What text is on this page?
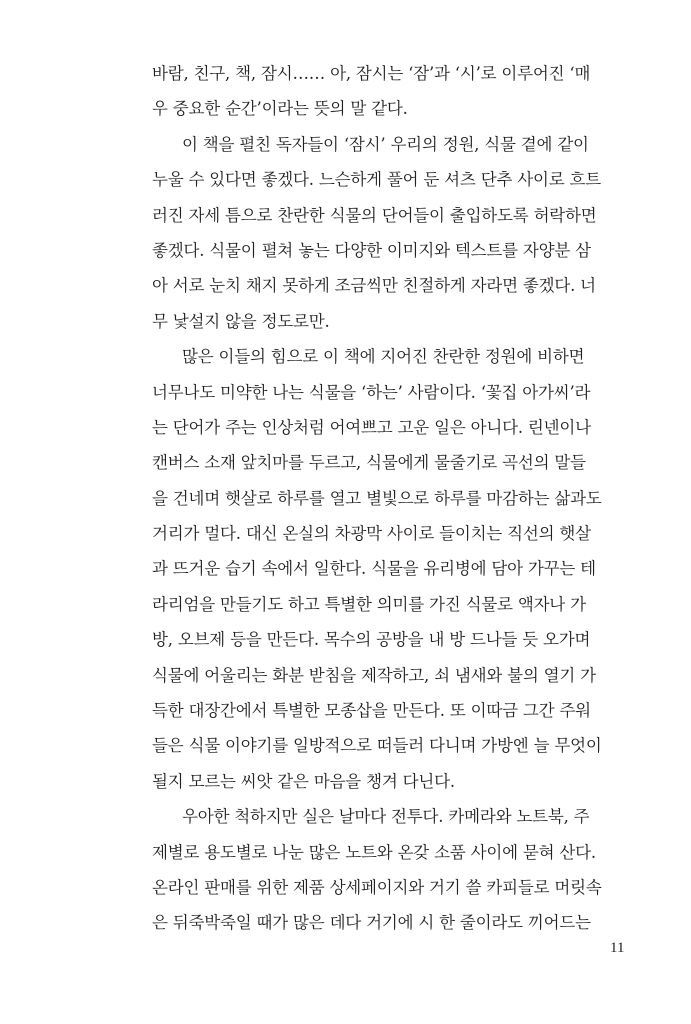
바람, 친구, 책, 잠시…… 아, 잠시는 ‘잠’과 ‘시’로 이루어진 ‘매
우 중요한 순간’이라는 뜻의 말 같다.
이 책을 펼친 독자들이 ‘잠시’ 우리의 정원, 식물 곁에 같이
누울 수 있다면 좋겠다. 느슨하게 풀어 둔 셔츠 단추 사이로 흐트
러진 자세 틈으로 찬란한 식물의 단어들이 출입하도록 허락하면
좋겠다. 식물이 펼쳐 놓는 다양한 이미지와 텍스트를 자양분 삼
아 서로 눈치 채지 못하게 조금씩만 친절하게 자라면 좋겠다. 너
무 낯설지 않을 정도로만.
많은 이들의 힘으로 이 책에 지어진 찬란한 정원에 비하면
너무나도 미약한 나는 식물을 ‘하는’ 사람이다. ‘꽃집 아가씨’라
는 단어가 주는 인상처럼 어여쁘고 고운 일은 아니다. 린넨이나
캔버스 소재 앞치마를 두르고, 식물에게 물줄기로 곡선의 말들
을 건네며 햇살로 하루를 열고 별빛으로 하루를 마감하는 삶과도
거리가 멀다. 대신 온실의 차광막 사이로 들이치는 직선의 햇살
과 뜨거운 습기 속에서 일한다. 식물을 유리병에 담아 가꾸는 테
라리엄을 만들기도 하고 특별한 의미를 가진 식물로 액자나 가
방, 오브제 등을 만든다. 목수의 공방을 내 방 드나들 듯 오가며
식물에 어울리는 화분 받침을 제작하고, 쇠 냄새와 불의 열기 가
득한 대장간에서 특별한 모종삽을 만든다. 또 이따금 그간 주워
들은 식물 이야기를 일방적으로 떠들러 다니며 가방엔 늘 무엇이
될지 모르는 씨앗 같은 마음을 챙겨 다닌다.
우아한 척하지만 실은 날마다 전투다. 카메라와 노트북, 주
제별로 용도별로 나눈 많은 노트와 온갖 소품 사이에 묻혀 산다.
온라인 판매를 위한 제품 상세페이지와 거기 쓸 카피들로 머릿속
은 뒤죽박죽일 때가 많은 데다 거기에 시 한 줄이라도 끼어드는
11
